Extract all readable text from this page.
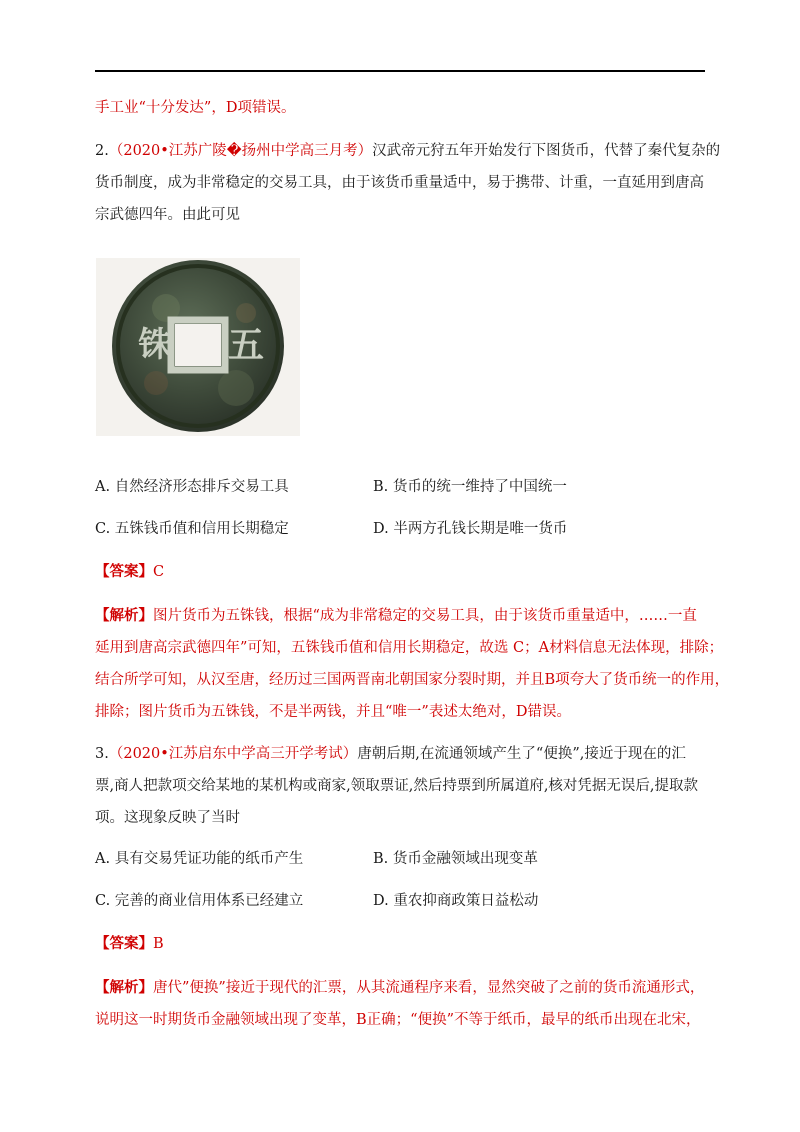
手工业“十分发达”，D项错误。
2.（2020•江苏广陵�扬州中学高三月考）汉武帝元狩五年开始发行下图货币，代替了秦代复杂的
货币制度，成为非常稳定的交易工具，由于该货币重量适中，易于携带、计重，一直延用到唐高
宗武德四年。由此可见
铢 五
A. 自然经济形态排斥交易工具	B. 货币的统一维持了中国统一
C. 五铢钱币值和信用长期稳定	D. 半两方孔钱长期是唯一货币
【答案】C
【解析】图片货币为五铢钱，根据“成为非常稳定的交易工具，由于该货币重量适中，……一直
延用到唐高宗武德四年”可知，五铢钱币值和信用长期稳定，故选 C；A材料信息无法体现，排除；
结合所学可知，从汉至唐，经历过三国两晋南北朝国家分裂时期，并且B项夸大了货币统一的作用，
排除；图片货币为五铢钱，不是半两钱，并且“唯一”表述太绝对，D错误。
3.（2020•江苏启东中学高三开学考试）唐朝后期,在流通领域产生了“便换”,接近于现在的汇
票,商人把款项交给某地的某机构或商家,领取票证,然后持票到所属道府,核对凭据无误后,提取款
项。这现象反映了当时
A. 具有交易凭证功能的纸币产生	B. 货币金融领域出现变革
C. 完善的商业信用体系已经建立	D. 重农抑商政策日益松动
【答案】B
【解析】唐代”便换”接近于现代的汇票，从其流通程序来看，显然突破了之前的货币流通形式，
说明这一时期货币金融领域出现了变革，B正确；“便换”不等于纸币，最早的纸币出现在北宋，
